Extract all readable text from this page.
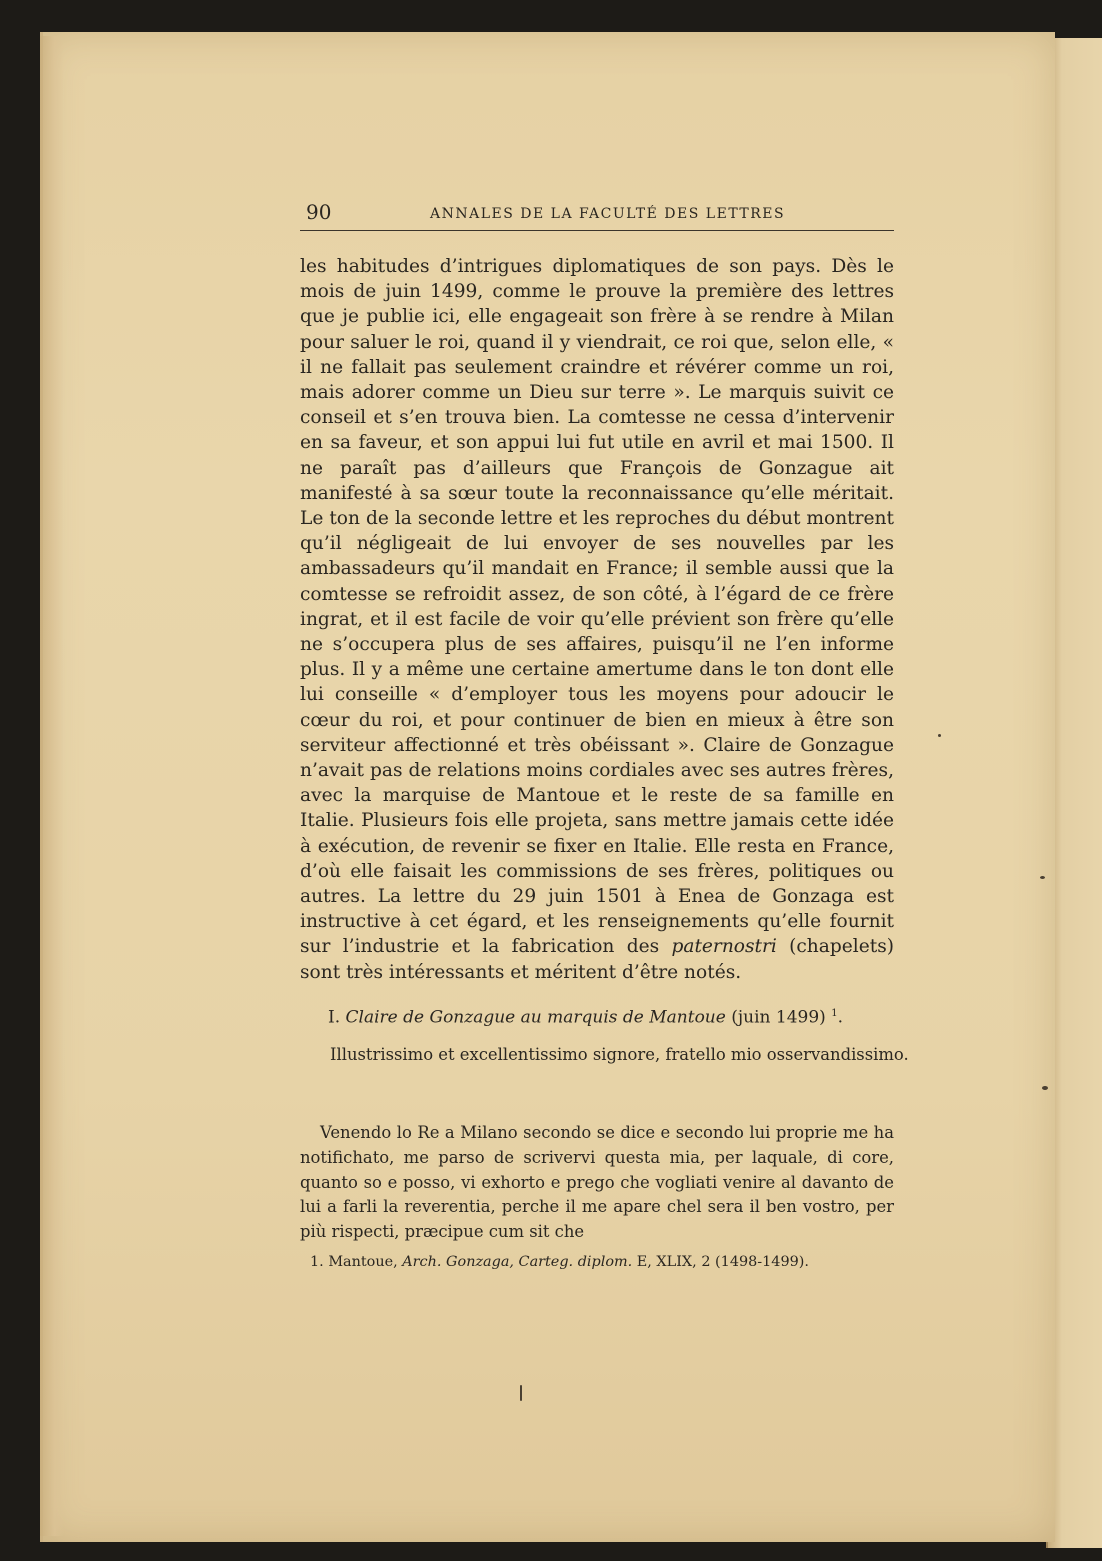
90	ANNALES DE LA FACULTÉ DES LETTRES

les habitudes d’intrigues diplomatiques de son pays. Dès le mois de juin 1499, comme le prouve la première des lettres que je publie ici, elle engageait son frère à se rendre à Milan pour saluer le roi, quand il y viendrait, ce roi que, selon elle, « il ne fallait pas seulement craindre et révérer comme un roi, mais adorer comme un Dieu sur terre ». Le marquis suivit ce conseil et s’en trouva bien. La comtesse ne cessa d’intervenir en sa faveur, et son appui lui fut utile en avril et mai 1500. Il ne paraît pas d’ailleurs que François de Gonzague ait manifesté à sa sœur toute la reconnaissance qu’elle méritait. Le ton de la seconde lettre et les reproches du début montrent qu’il négligeait de lui envoyer de ses nouvelles par les ambassadeurs qu’il mandait en France; il semble aussi que la comtesse se refroidit assez, de son côté, à l’égard de ce frère ingrat, et il est facile de voir qu’elle prévient son frère qu’elle ne s’occupera plus de ses affaires, puisqu’il ne l’en informe plus. Il y a même une certaine amertume dans le ton dont elle lui conseille « d’employer tous les moyens pour adoucir le cœur du roi, et pour continuer de bien en mieux à être son serviteur affectionné et très obéissant ». Claire de Gonzague n’avait pas de relations moins cordiales avec ses autres frères, avec la marquise de Mantoue et le reste de sa famille en Italie. Plusieurs fois elle projeta, sans mettre jamais cette idée à exécution, de revenir se fixer en Italie. Elle resta en France, d’où elle faisait les commissions de ses frères, politiques ou autres. La lettre du 29 juin 1501 à Enea de Gonzaga est instructive à cet égard, et les renseignements qu’elle fournit sur l’industrie et la fabrication des paternostri (chapelets) sont très intéressants et méritent d’être notés.

I. Claire de Gonzague au marquis de Mantoue (juin 1499) $^1$.
Illustrissimo et excellentissimo signore, fratello mio osservandissimo.

Venendo lo Re a Milano secondo se dice e secondo lui proprie me ha notifichato, me parso de scrivervi questa mia, per laquale, di core, quanto so e posso, vi exhorto e prego che vogliati venire al davanto de lui a farli la reverentia, perche il me apare chel sera il ben vostro, per più rispecti, præcipue cum sit che

1. Mantoue, Arch. Gonzaga, Carteg. diplom. E, XLIX, 2 (1498-1499).
